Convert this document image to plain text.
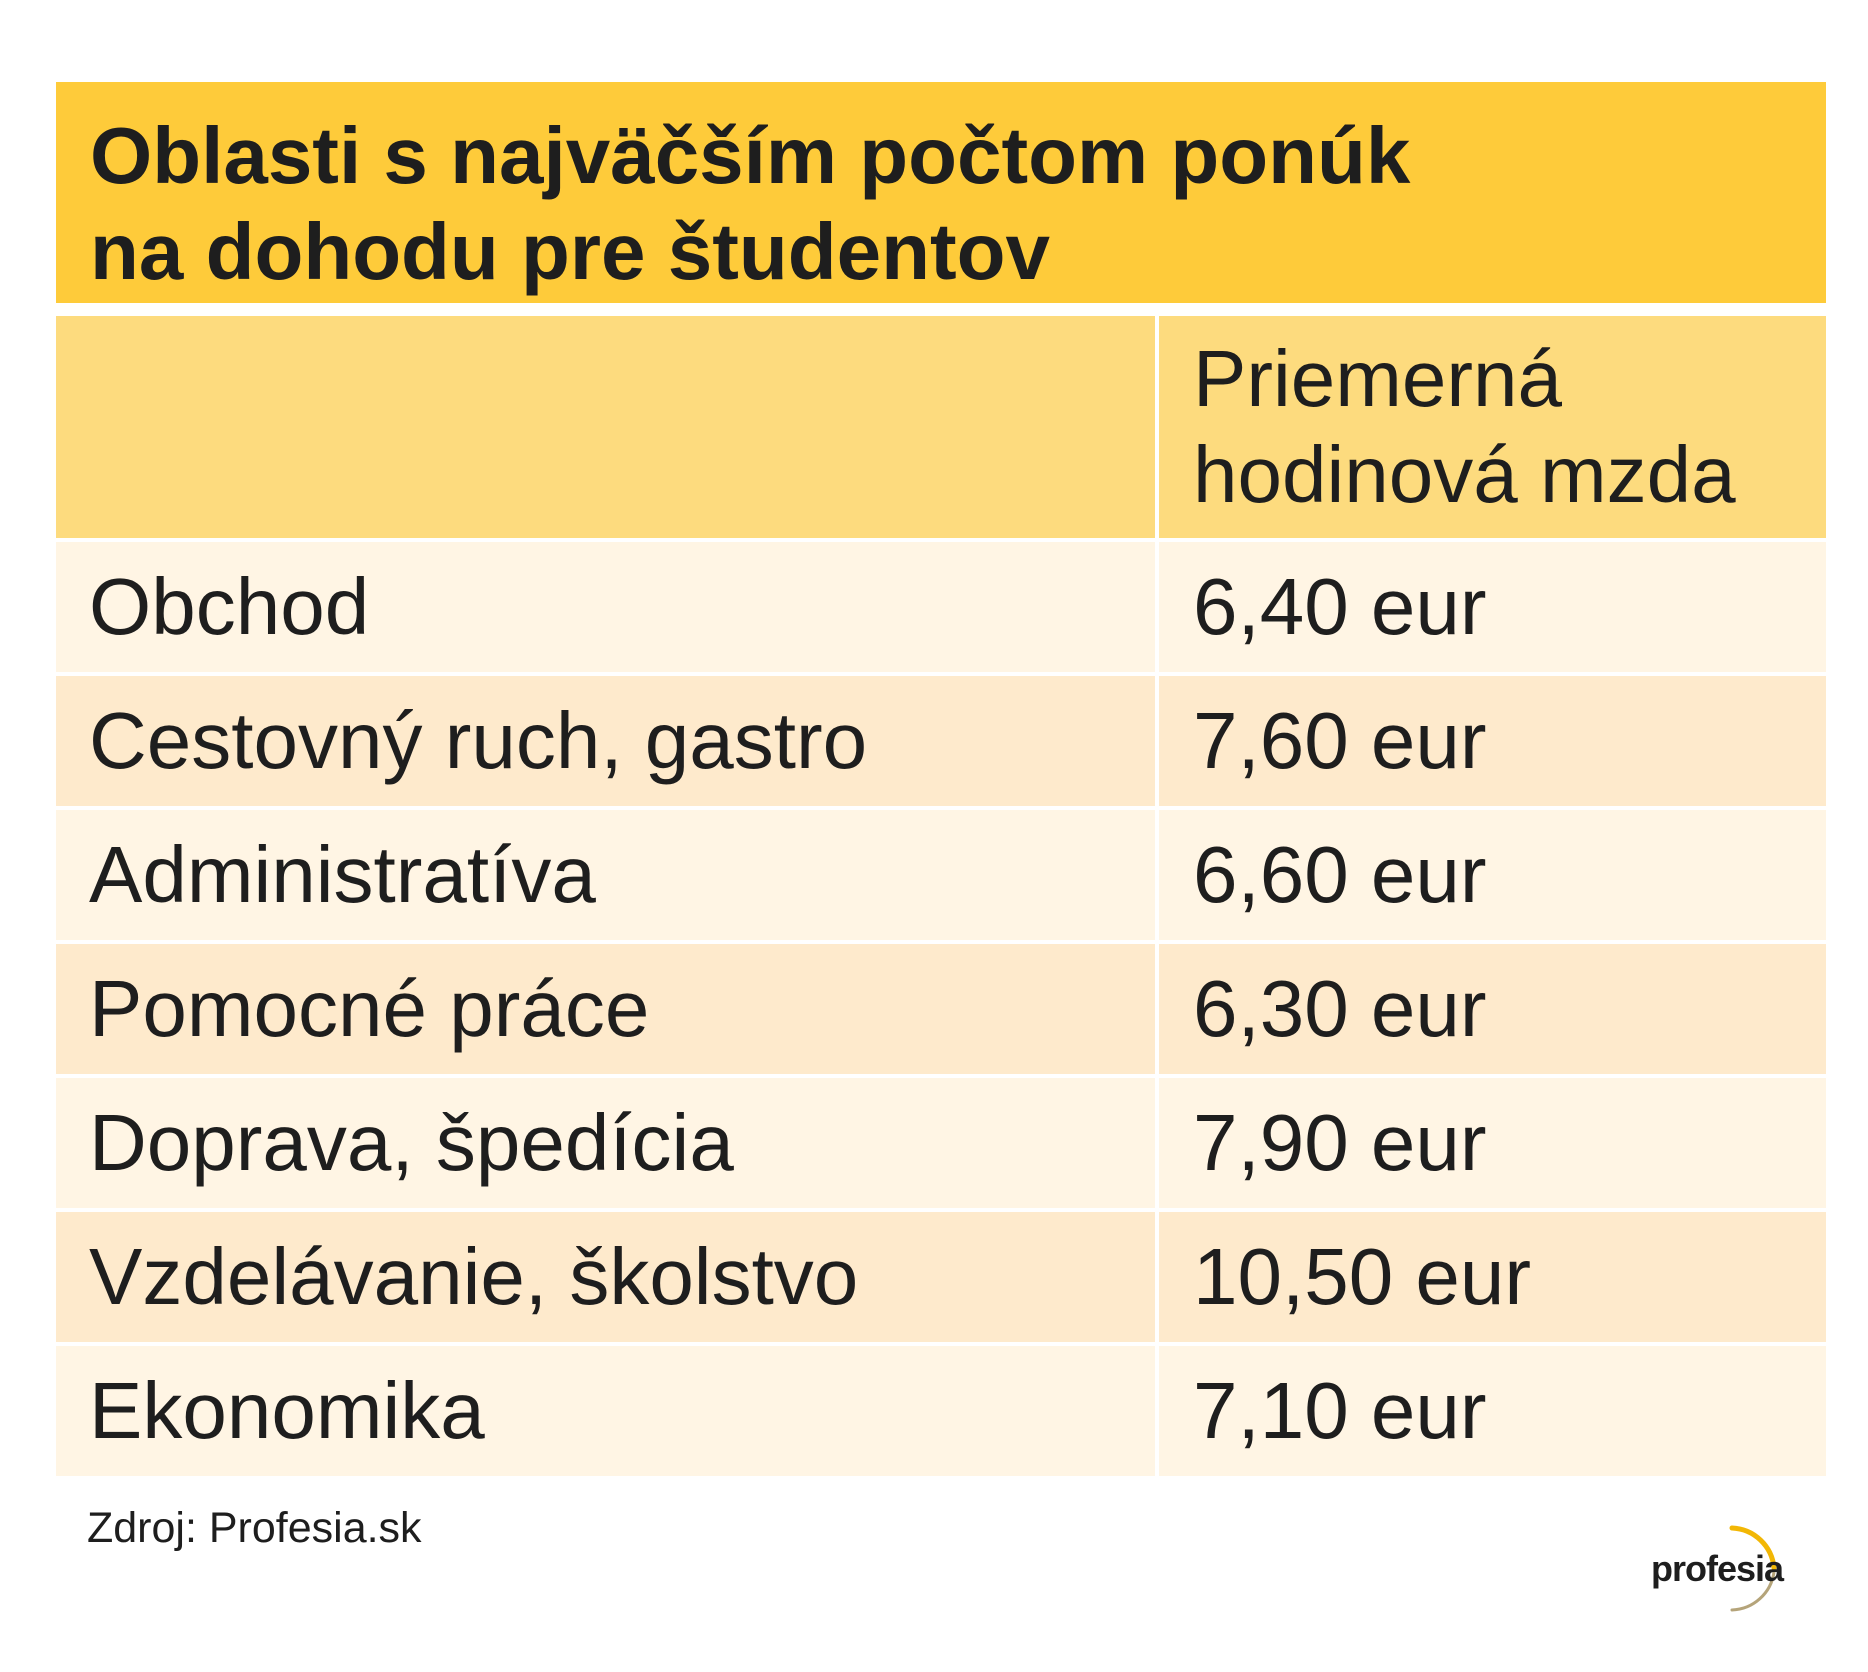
Oblasti s najväčším počtom ponúk
na dohodu pre študentov
Priemerná
hodinová mzda
Obchod	6,40 eur
Cestovný ruch, gastro	7,60 eur
Administratíva	6,60 eur
Pomocné práce	6,30 eur
Doprava, špedícia	7,90 eur
Vzdelávanie, školstvo	10,50 eur
Ekonomika	7,10 eur
Zdroj: Profesia.sk
profesia
